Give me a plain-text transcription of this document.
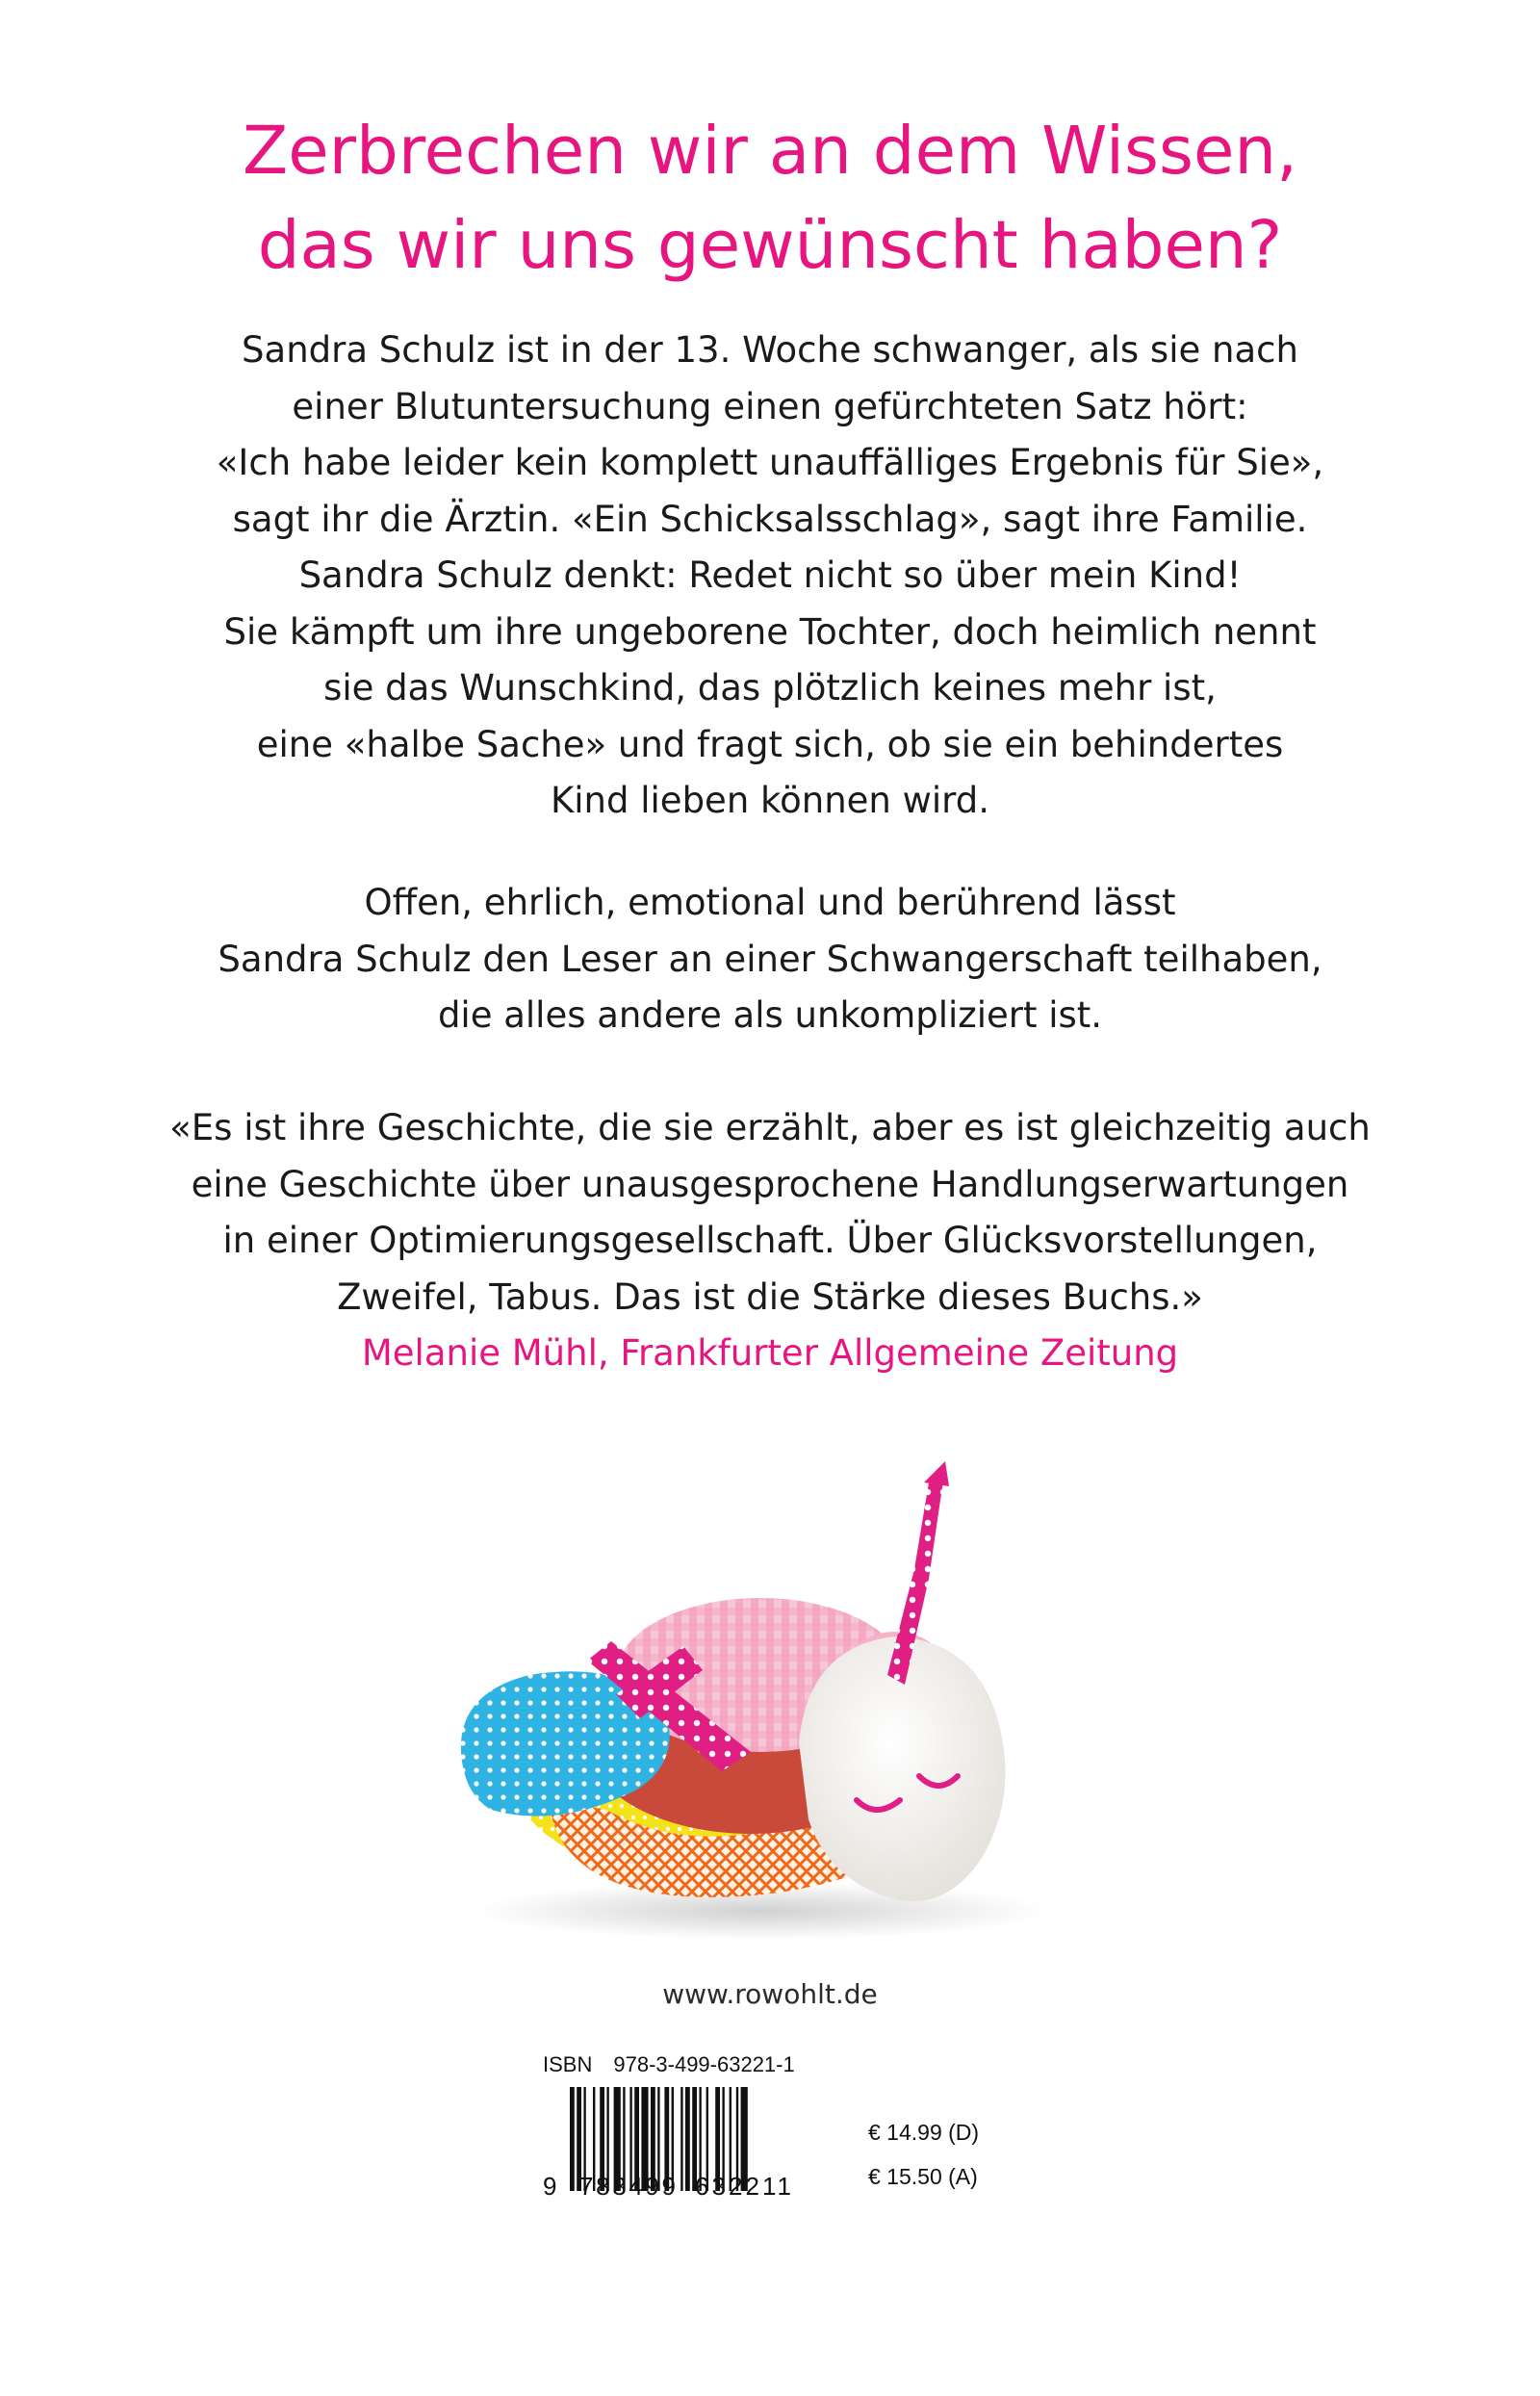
Zerbrechen wir an dem Wissen,
das wir uns gewünscht haben?
Sandra Schulz ist in der 13. Woche schwanger, als sie nach
einer Blutuntersuchung einen gefürchteten Satz hört:
«Ich habe leider kein komplett unauffälliges Ergebnis für Sie»,
sagt ihr die Ärztin. «Ein Schicksalsschlag», sagt ihre Familie.
Sandra Schulz denkt: Redet nicht so über mein Kind!
Sie kämpft um ihre ungeborene Tochter, doch heimlich nennt
sie das Wunschkind, das plötzlich keines mehr ist,
eine «halbe Sache» und fragt sich, ob sie ein behindertes
Kind lieben können wird.
Offen, ehrlich, emotional und berührend lässt
Sandra Schulz den Leser an einer Schwangerschaft teilhaben,
die alles andere als unkompliziert ist.
«Es ist ihre Geschichte, die sie erzählt, aber es ist gleichzeitig auch
eine Geschichte über unausgesprochene Handlungserwartungen
in einer Optimierungsgesellschaft. Über Glücksvorstellungen,
Zweifel, Tabus. Das ist die Stärke dieses Buchs.»
Melanie Mühl, Frankfurter Allgemeine Zeitung
www.rowohlt.de
ISBN 978-3-499-63221-1
9 783499 632211
€ 14.99 (D)
€ 15.50 (A)
